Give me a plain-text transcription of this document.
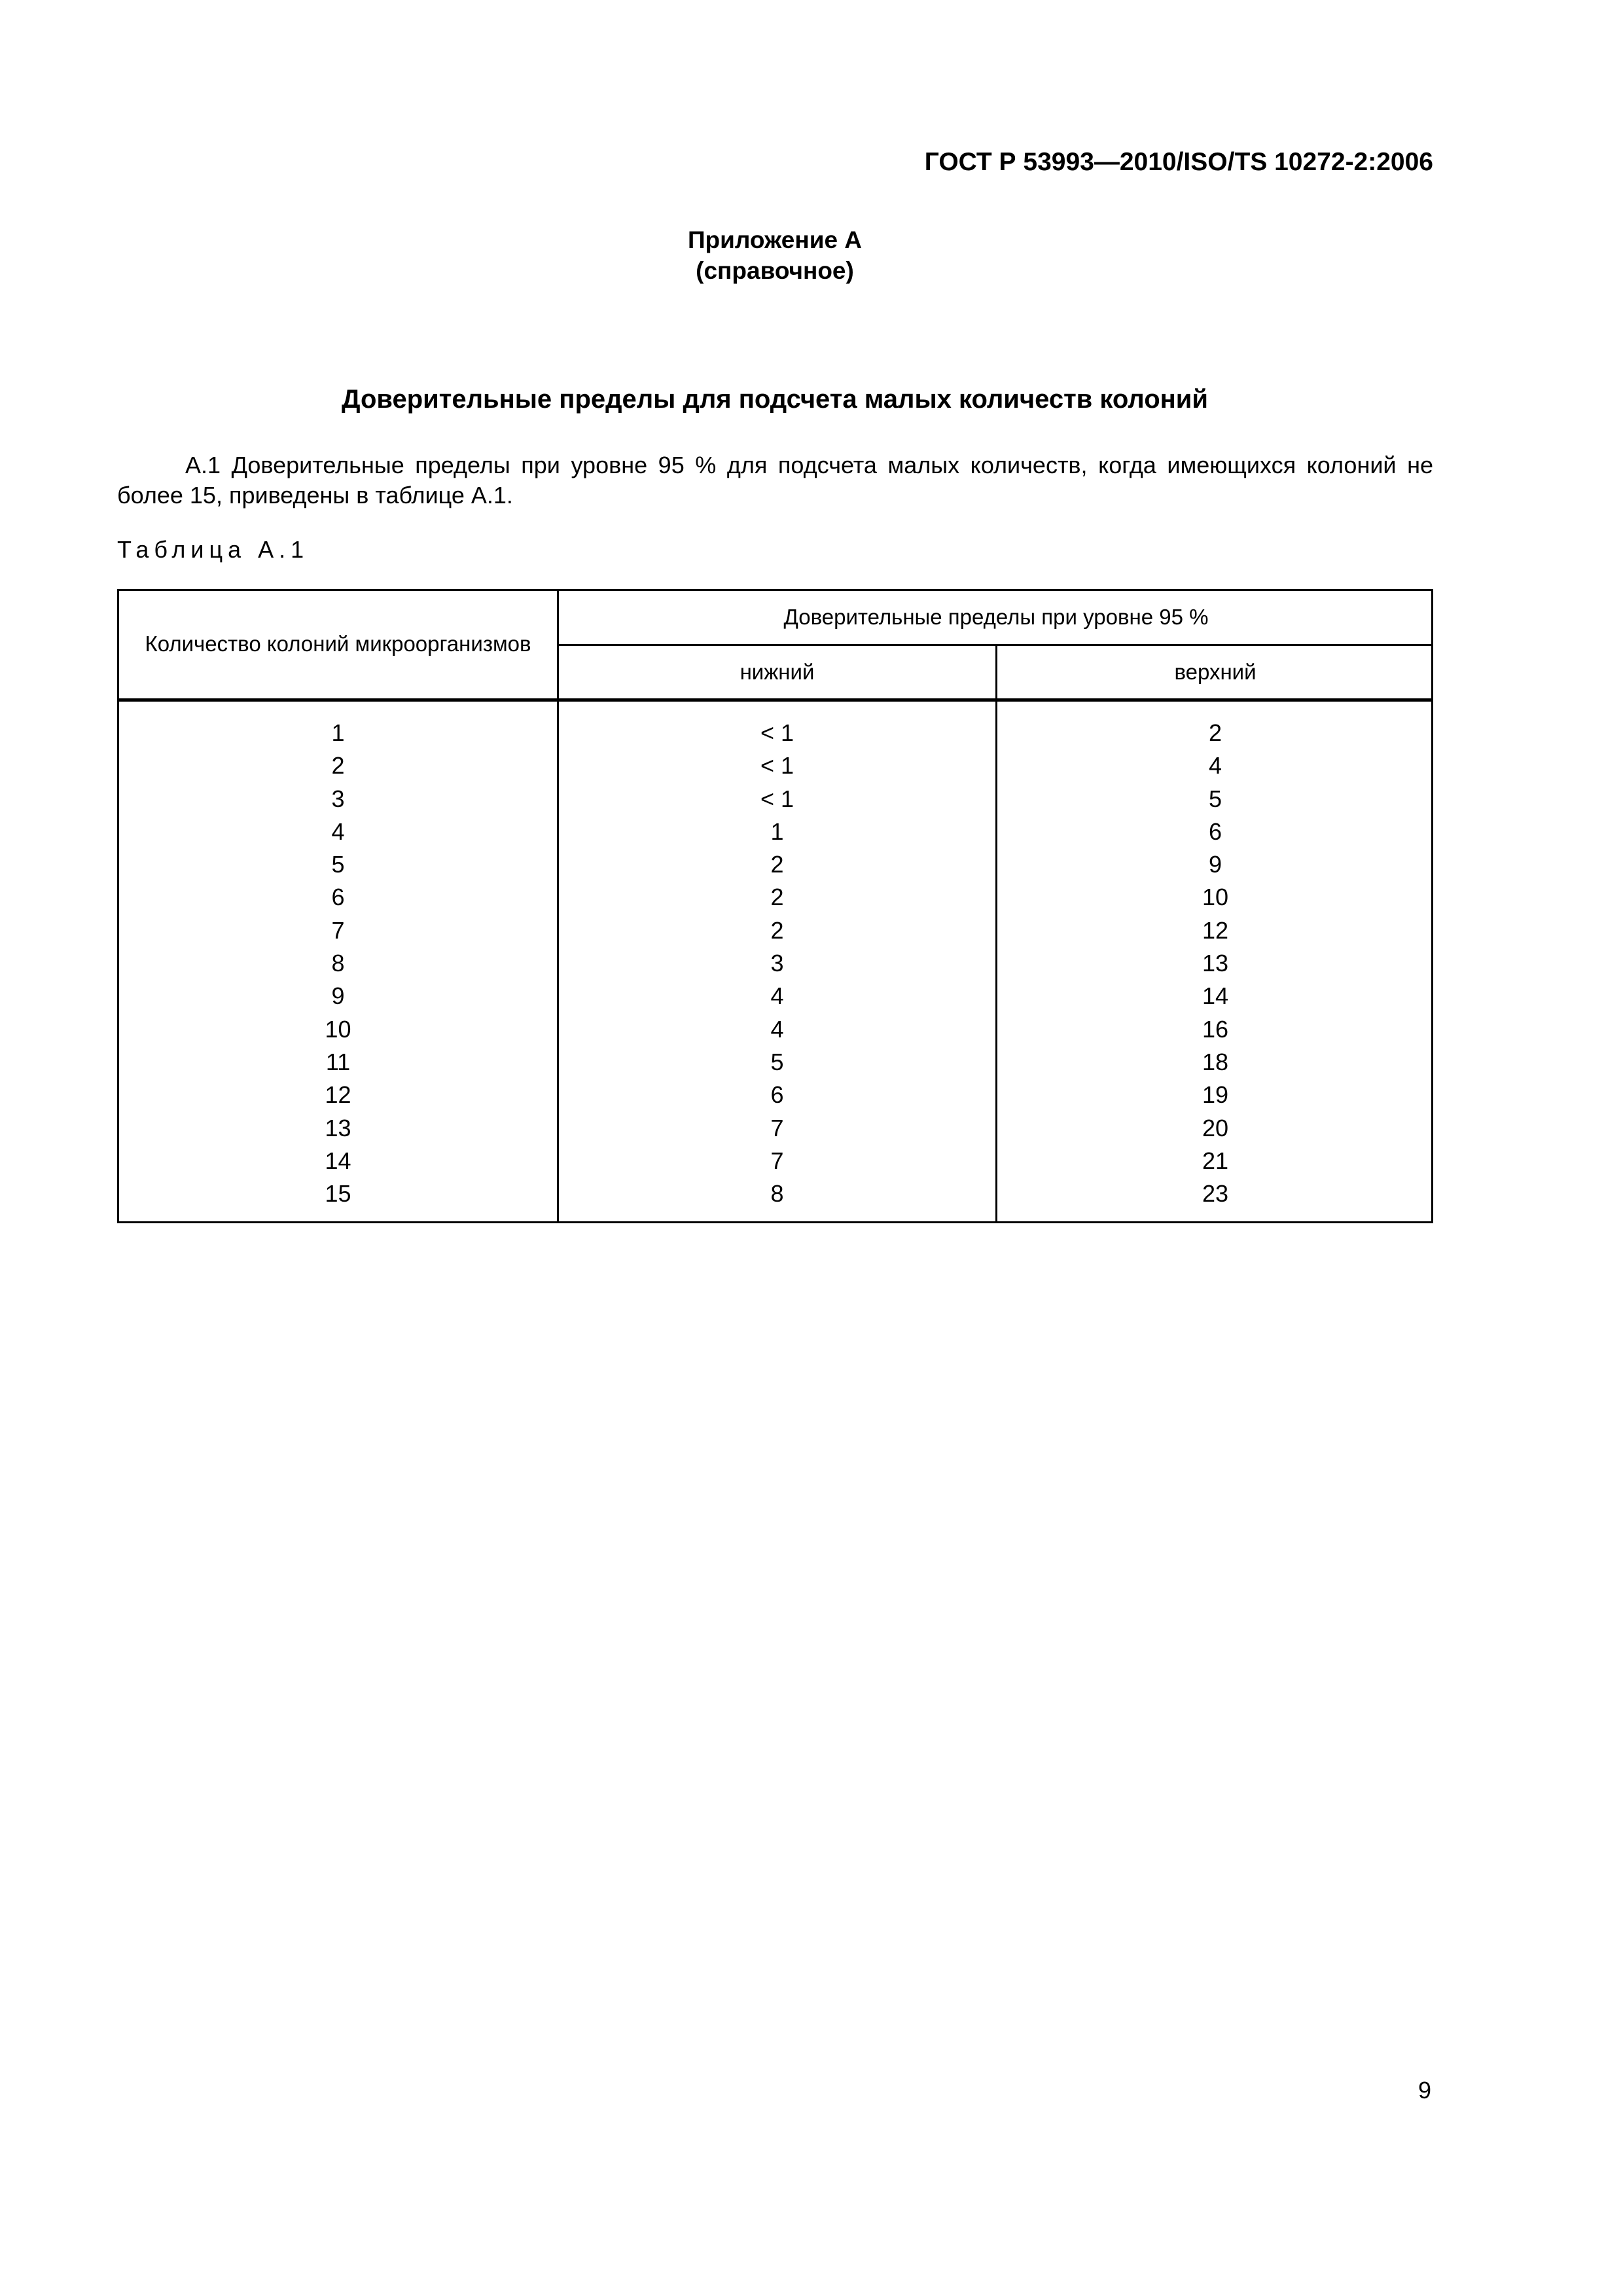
ГОСТ Р 53993—2010/ISO/TS 10272-2:2006
Приложение А
(справочное)
Доверительные пределы для подсчета малых количеств колоний
А.1 Доверительные пределы при уровне 95 % для подсчета малых количеств, когда имеющихся колоний не более 15, приведены в таблице А.1.
Таблица А.1
Количество колоний микроорганизмов
Доверительные пределы при уровне 95 %
нижний	верхний
1
2
3
4
5
6
7
8
9
10
11
12
13
14
15
< 1
< 1
< 1
1
2
2
2
3
4
4
5
6
7
7
8
2
4
5
6
9
10
12
13
14
16
18
19
20
21
23
9
